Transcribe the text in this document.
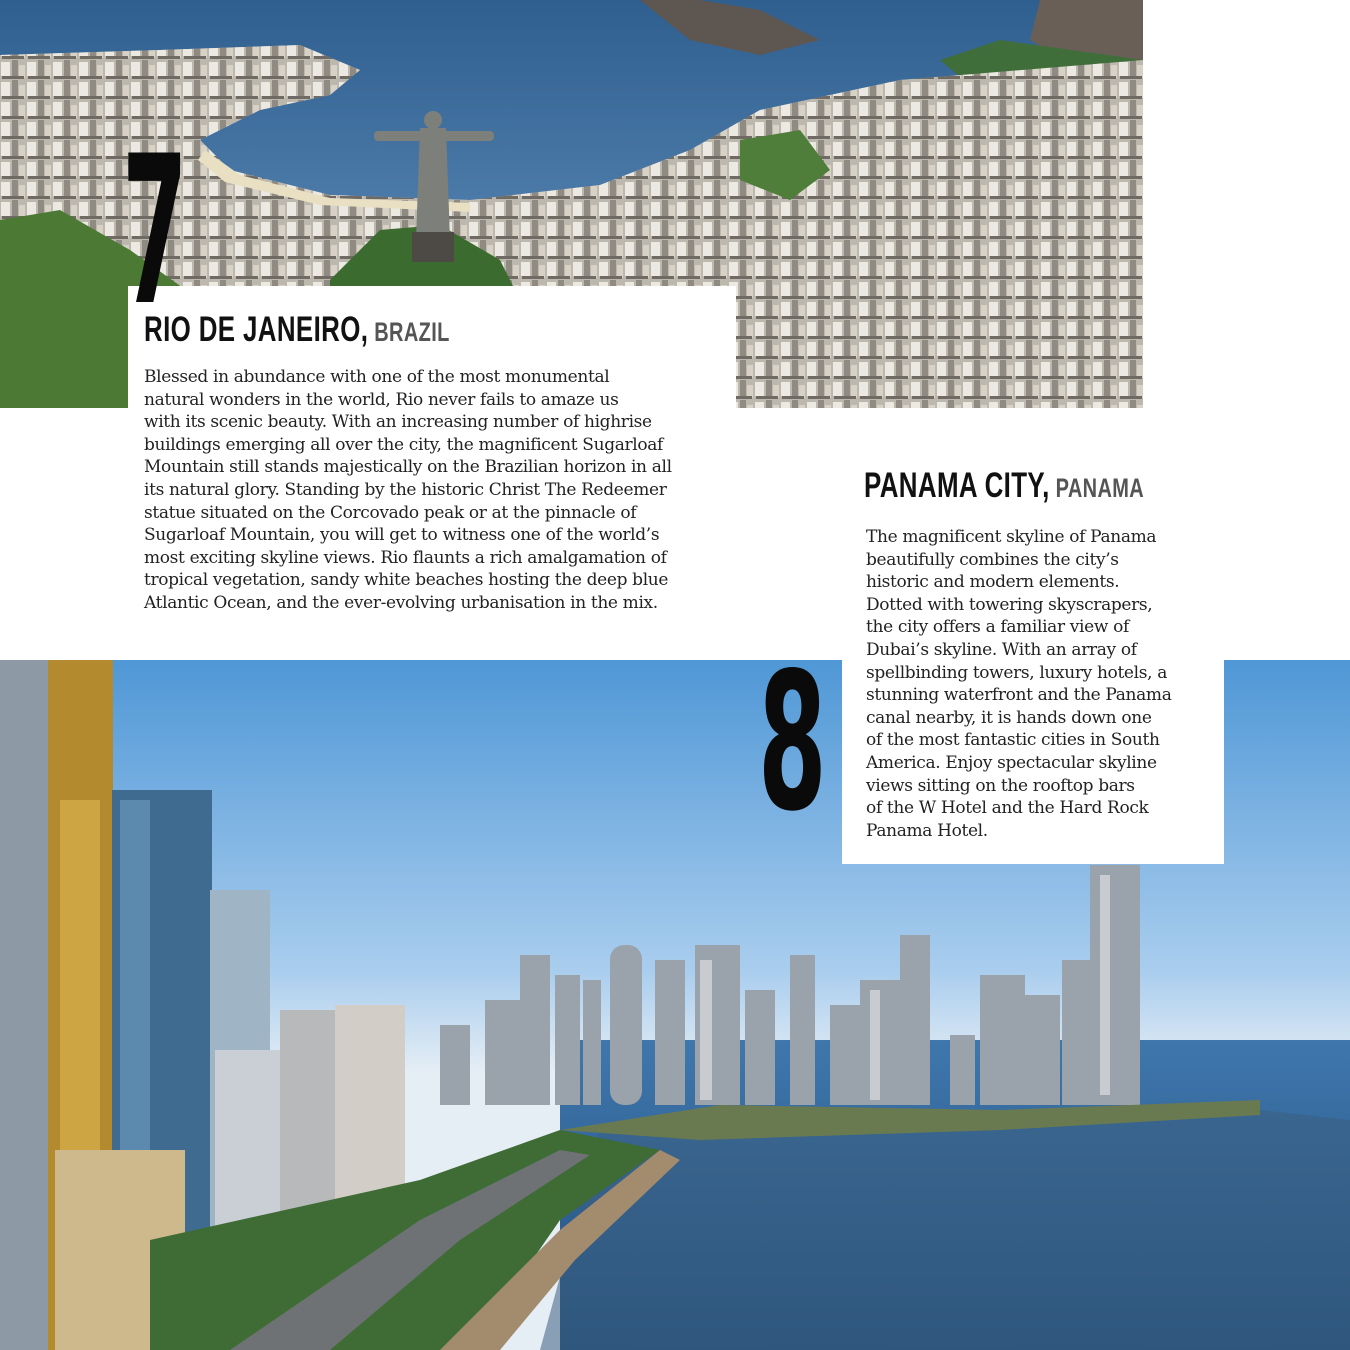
7
RIO DE JANEIRO, BRAZIL

Blessed in abundance with one of the most monumental
natural wonders in the world, Rio never fails to amaze us
with its scenic beauty. With an increasing number of highrise
buildings emerging all over the city, the magnificent Sugarloaf
Mountain still stands majestically on the Brazilian horizon in all
its natural glory. Standing by the historic Christ The Redeemer
statue situated on the Corcovado peak or at the pinnacle of
Sugarloaf Mountain, you will get to witness one of the world’s
most exciting skyline views. Rio flaunts a rich amalgamation of
tropical vegetation, sandy white beaches hosting the deep blue
Atlantic Ocean, and the ever-evolving urbanisation in the mix.

8
PANAMA CITY, PANAMA

The magnificent skyline of Panama
beautifully combines the city’s
historic and modern elements.
Dotted with towering skyscrapers,
the city offers a familiar view of
Dubai’s skyline. With an array of
spellbinding towers, luxury hotels, a
stunning waterfront and the Panama
canal nearby, it is hands down one
of the most fantastic cities in South
America. Enjoy spectacular skyline
views sitting on the rooftop bars
of the W Hotel and the Hard Rock
Panama Hotel.
